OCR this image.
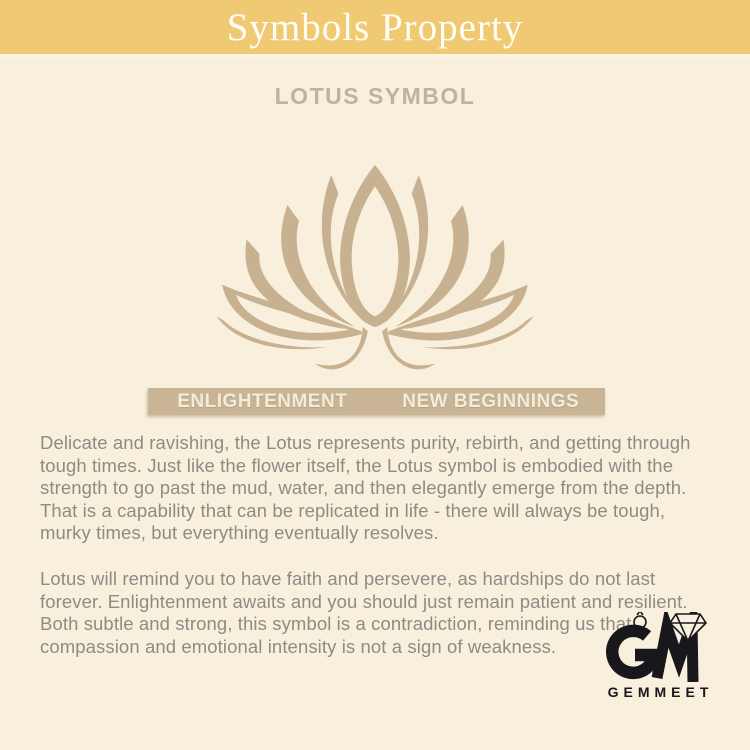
Symbols Property
LOTUS SYMBOL
ENLIGHTENMENT	NEW BEGINNINGS

Delicate and ravishing, the Lotus represents purity, rebirth, and getting through tough times. Just like the flower itself, the Lotus symbol is embodied with the strength to go past the mud, water, and then elegantly emerge from the depth. That is a capability that can be replicated in life - there will always be tough, murky times, but everything eventually resolves.

Lotus will remind you to have faith and persevere, as hardships do not last forever. Enlightenment awaits and you should just remain patient and resilient. Both subtle and strong, this symbol is a contradiction, reminding us that compassion and emotional intensity is not a sign of weakness.

GEMMEET
